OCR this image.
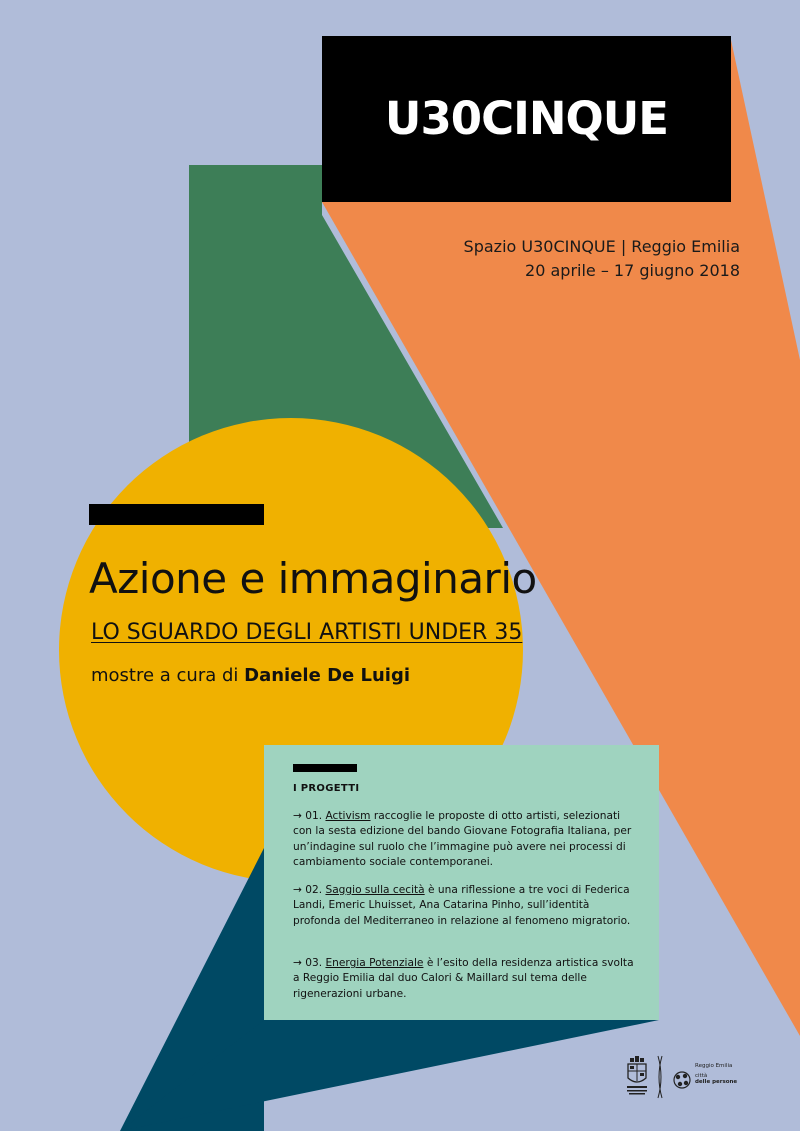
U30CINQUE
Spazio U30CINQUE | Reggio Emilia
20 aprile – 17 giugno 2018
Azione e immaginario
LO SGUARDO DEGLI ARTISTI UNDER 35
mostre a cura di Daniele De Luigi
I PROGETTI
→ 01. Activism raccoglie le proposte di otto artisti, selezionati con la sesta edizione del bando Giovane Fotografia Italiana, per un’indagine sul ruolo che l’immagine può avere nei processi di cambiamento sociale contemporanei.
→ 02. Saggio sulla cecità è una riflessione a tre voci di Federica Landi, Emeric Lhuisset, Ana Catarina Pinho, sull’identità profonda del Mediterraneo in relazione al fenomeno migratorio.
→ 03. Energia Potenziale è l’esito della residenza artistica svolta a Reggio Emilia dal duo Calori & Maillard sul tema delle rigenerazioni urbane.
Reggio Emilia
città
delle persone
